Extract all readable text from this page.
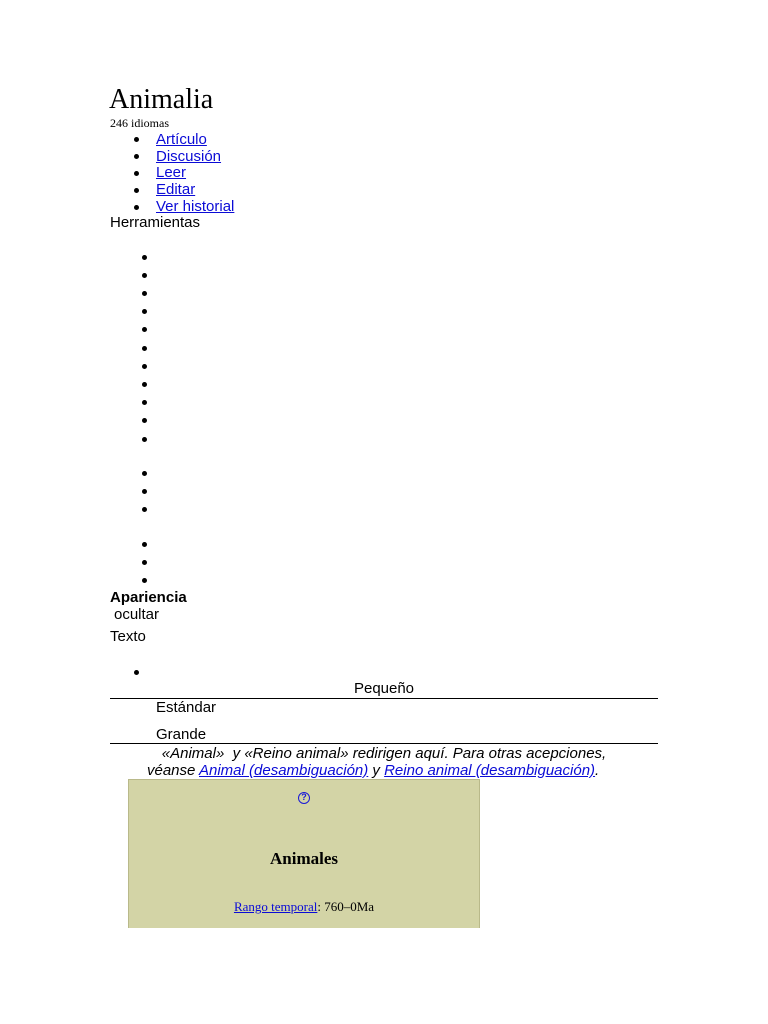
Animalia
246 idiomas
Artículo
Discusión
Leer
Editar
Ver historial
Herramientas
Apariencia
ocultar
Texto
Pequeño
Estándar
Grande
«Animal»  y «Reino animal» redirigen aquí. Para otras acepciones,
véanse Animal (desambiguación) y Reino animal (desambiguación).
?
Animales
Rango temporal: 760–0Ma
